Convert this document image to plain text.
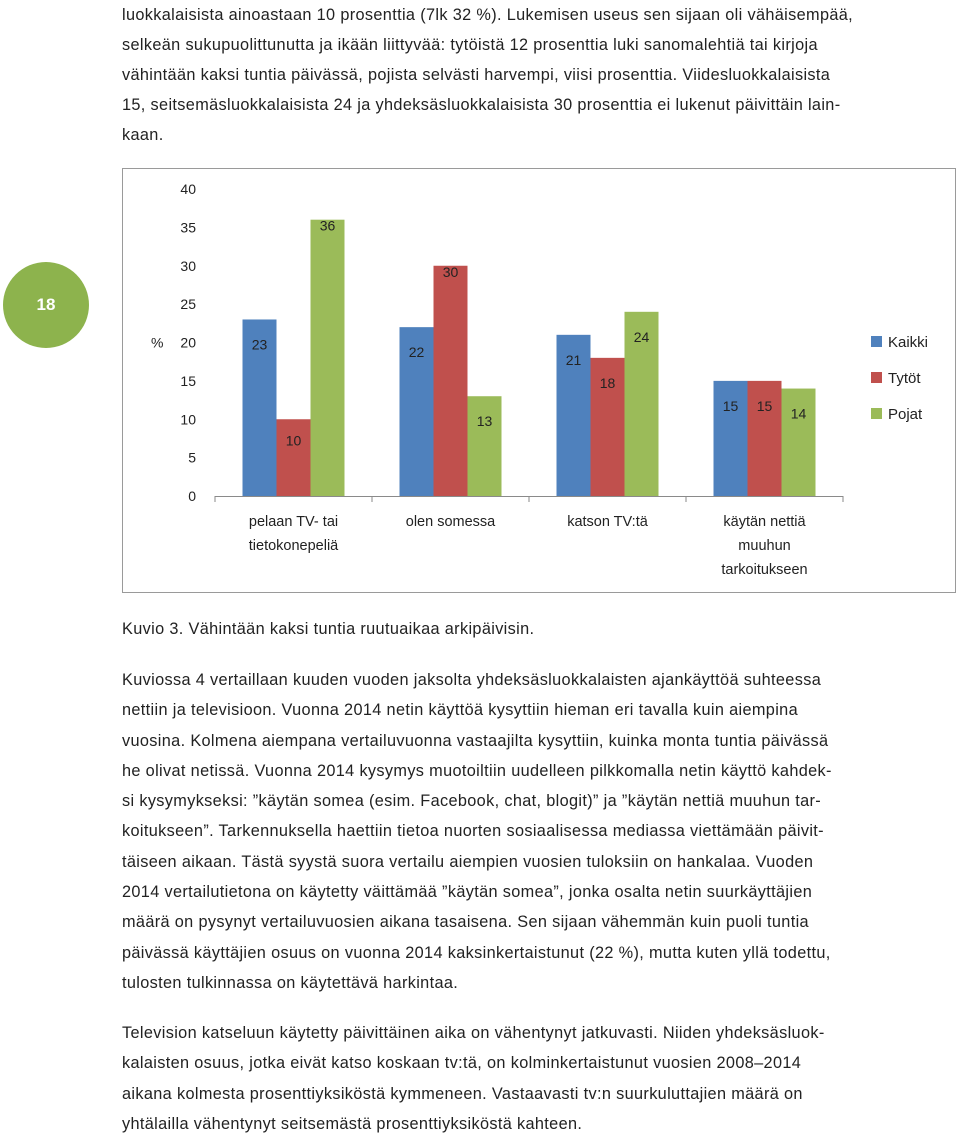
18
luokkalaisista ainoastaan 10 prosenttia (7lk 32 %). Lukemisen useus sen sijaan oli vähäisempää,
selkeän sukupuolittunutta ja ikään liittyvää: tytöistä 12 prosenttia luki sanomalehtiä tai kirjoja
vähintään kaksi tuntia päivässä, pojista selvästi harvempi, viisi prosenttia. Viidesluokkalaisista
15, seitsemäsluokkalaisista 24 ja yhdeksäsluokkalaisista 30 prosenttia ei lukenut päivittäin lain-
kaan.
0
5
10
15
20
25
30
35
40
%	23
10
36
pelaan TV- tai
tietokonepeliä
22
30
13
olen somessa
21
18
24
katson TV:tä
15 15 14
käytän nettiä
muuhun
tarkoitukseen
Kaikki
Tytöt
Pojat
Kuvio 3. Vähintään kaksi tuntia ruutuaikaa arkipäivisin.
Kuviossa 4 vertaillaan kuuden vuoden jaksolta yhdeksäsluokkalaisten ajankäyttöä suhteessa
nettiin ja televisioon. Vuonna 2014 netin käyttöä kysyttiin hieman eri tavalla kuin aiempina
vuosina. Kolmena aiempana vertailuvuonna vastaajilta kysyttiin, kuinka monta tuntia päivässä
he olivat netissä. Vuonna 2014 kysymys muotoiltiin uudelleen pilkkomalla netin käyttö kahdek-
si kysymykseksi: ”käytän somea (esim. Facebook, chat, blogit)” ja ”käytän nettiä muuhun tar-
koitukseen”. Tarkennuksella haettiin tietoa nuorten sosiaalisessa mediassa viettämään päivit-
täiseen aikaan. Tästä syystä suora vertailu aiempien vuosien tuloksiin on hankalaa. Vuoden
2014 vertailutietona on käytetty väittämää ”käytän somea”, jonka osalta netin suurkäyttäjien
määrä on pysynyt vertailuvuosien aikana tasaisena. Sen sijaan vähemmän kuin puoli tuntia
päivässä käyttäjien osuus on vuonna 2014 kaksinkertaistunut (22 %), mutta kuten yllä todettu,
tulosten tulkinnassa on käytettävä harkintaa.
Television katseluun käytetty päivittäinen aika on vähentynyt jatkuvasti. Niiden yhdeksäsluok-
kalaisten osuus, jotka eivät katso koskaan tv:tä, on kolminkertaistunut vuosien 2008–2014
aikana kolmesta prosenttiyksiköstä kymmeneen. Vastaavasti tv:n suurkuluttajien määrä on
yhtälailla vähentynyt seitsemästä prosenttiyksiköstä kahteen.
